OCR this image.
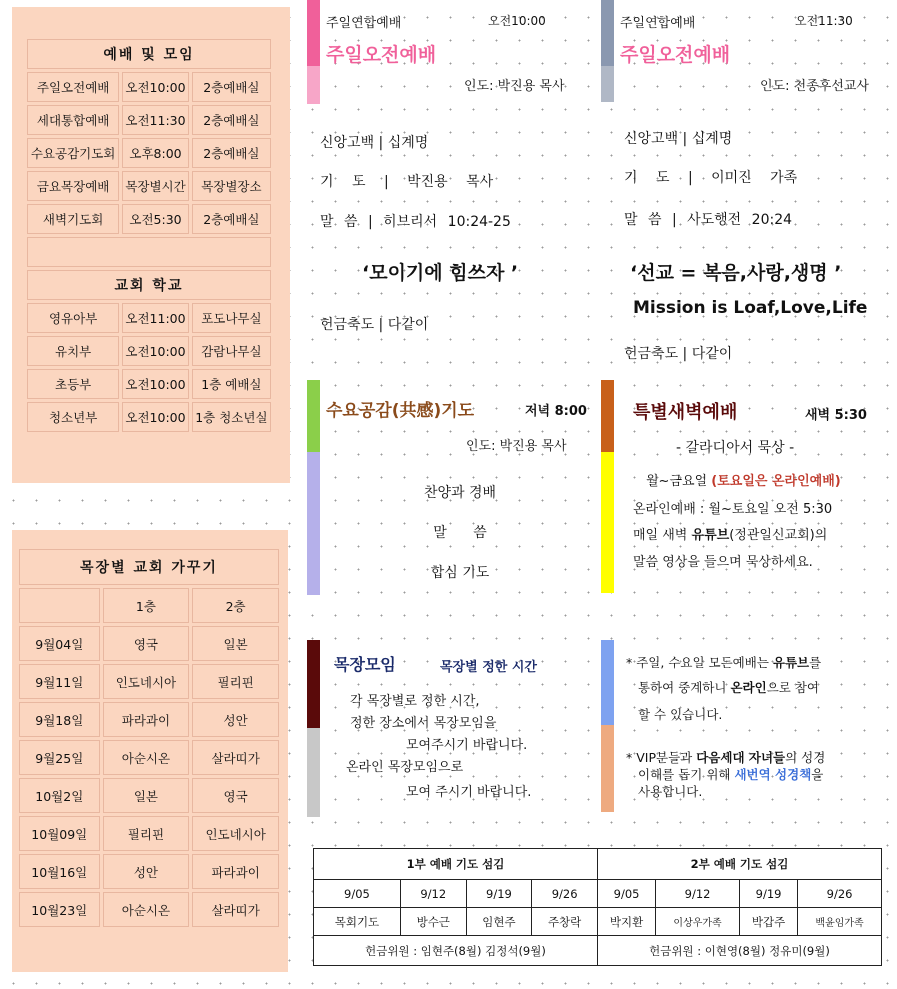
예배 및 모임		
주일오전예배	오전10:00	2층예배실
세대통합예배	오전11:30	2층예배실
수요공감기도회	오후8:00	2층예배실
금요목장예배	목장별시간	목장별장소
새벽기도회	오전5:30	2층예배실

교회 학교		
영유아부	오전11:00	포도나무실
유치부	오전10:00	감람나무실
초등부	오전10:00	1층 예배실
청소년부	오전10:00	1층 청소년실
목장별 교회 가꾸기		
	1층	2층
9월04일	영국	일본
9월11일	인도네시아	필리핀
9월18일	파라과이	성안
9월25일	아순시온	살라띠가
10월2일	일본	영국
10월09일	필리핀	인도네시아
10월16일	성안	파라과이
10월23일	아순시온	살라띠가
주일연합예배	오전10:00
주일오전예배
인도: 박진용 목사
신앙고백 | 십계명
기 도 | 박진용 목사
말 씀 | 히브리서 10:24-25
‘모이기에 힘쓰자 ’
헌금축도 | 다같이
주일연합예배	오전11:30
주일오전예배
인도: 천종후선교사
신앙고백 | 십계명
기 도 | 이미진 가족
말 씀 | 사도행전 20:24
‘선교 = 복음,사랑,생명 ’
Mission is Loaf,Love,Life
헌금축도 | 다같이
수요공감(共感)기도	저녁 8:00
인도: 박진용 목사
찬양과 경배
말 씀
합심 기도
특별새벽예배	새벽 5:30
- 갈라디아서 묵상 -
월~금요일 (토요일은 온라인예배)
온라인예배 : 월~토요일 오전 5:30
매일 새벽 유튜브(정관일신교회)의
말씀 영상을 들으며 묵상하세요.
목장모임	목장별 정한 시간
각 목장별로 정한 시간,
정한 장소에서 목장모임을
모여주시기 바랍니다.
온라인 목장모임으로
모여 주시기 바랍니다.
* 주일, 수요일 모든예배는 유튜브를
통하여 중계하니 온라인으로 참여
할 수 있습니다.
* VIP분들과 다음세대 자녀들의 성경
이해를 돕기 위해 새번역 성경책을
사용합니다.
1부 예배 기도 섬김				2부 예배 기도 섬김			
9/05	9/12	9/19	9/26	9/05	9/12	9/19	9/26
목회기도	방수근	임현주	주창락	박지환	이상우가족	박갑주	백윤임가족
헌금위원 : 임현주(8월) 김정석(9월)				헌금위원 : 이현영(8월) 정유미(9월)			
